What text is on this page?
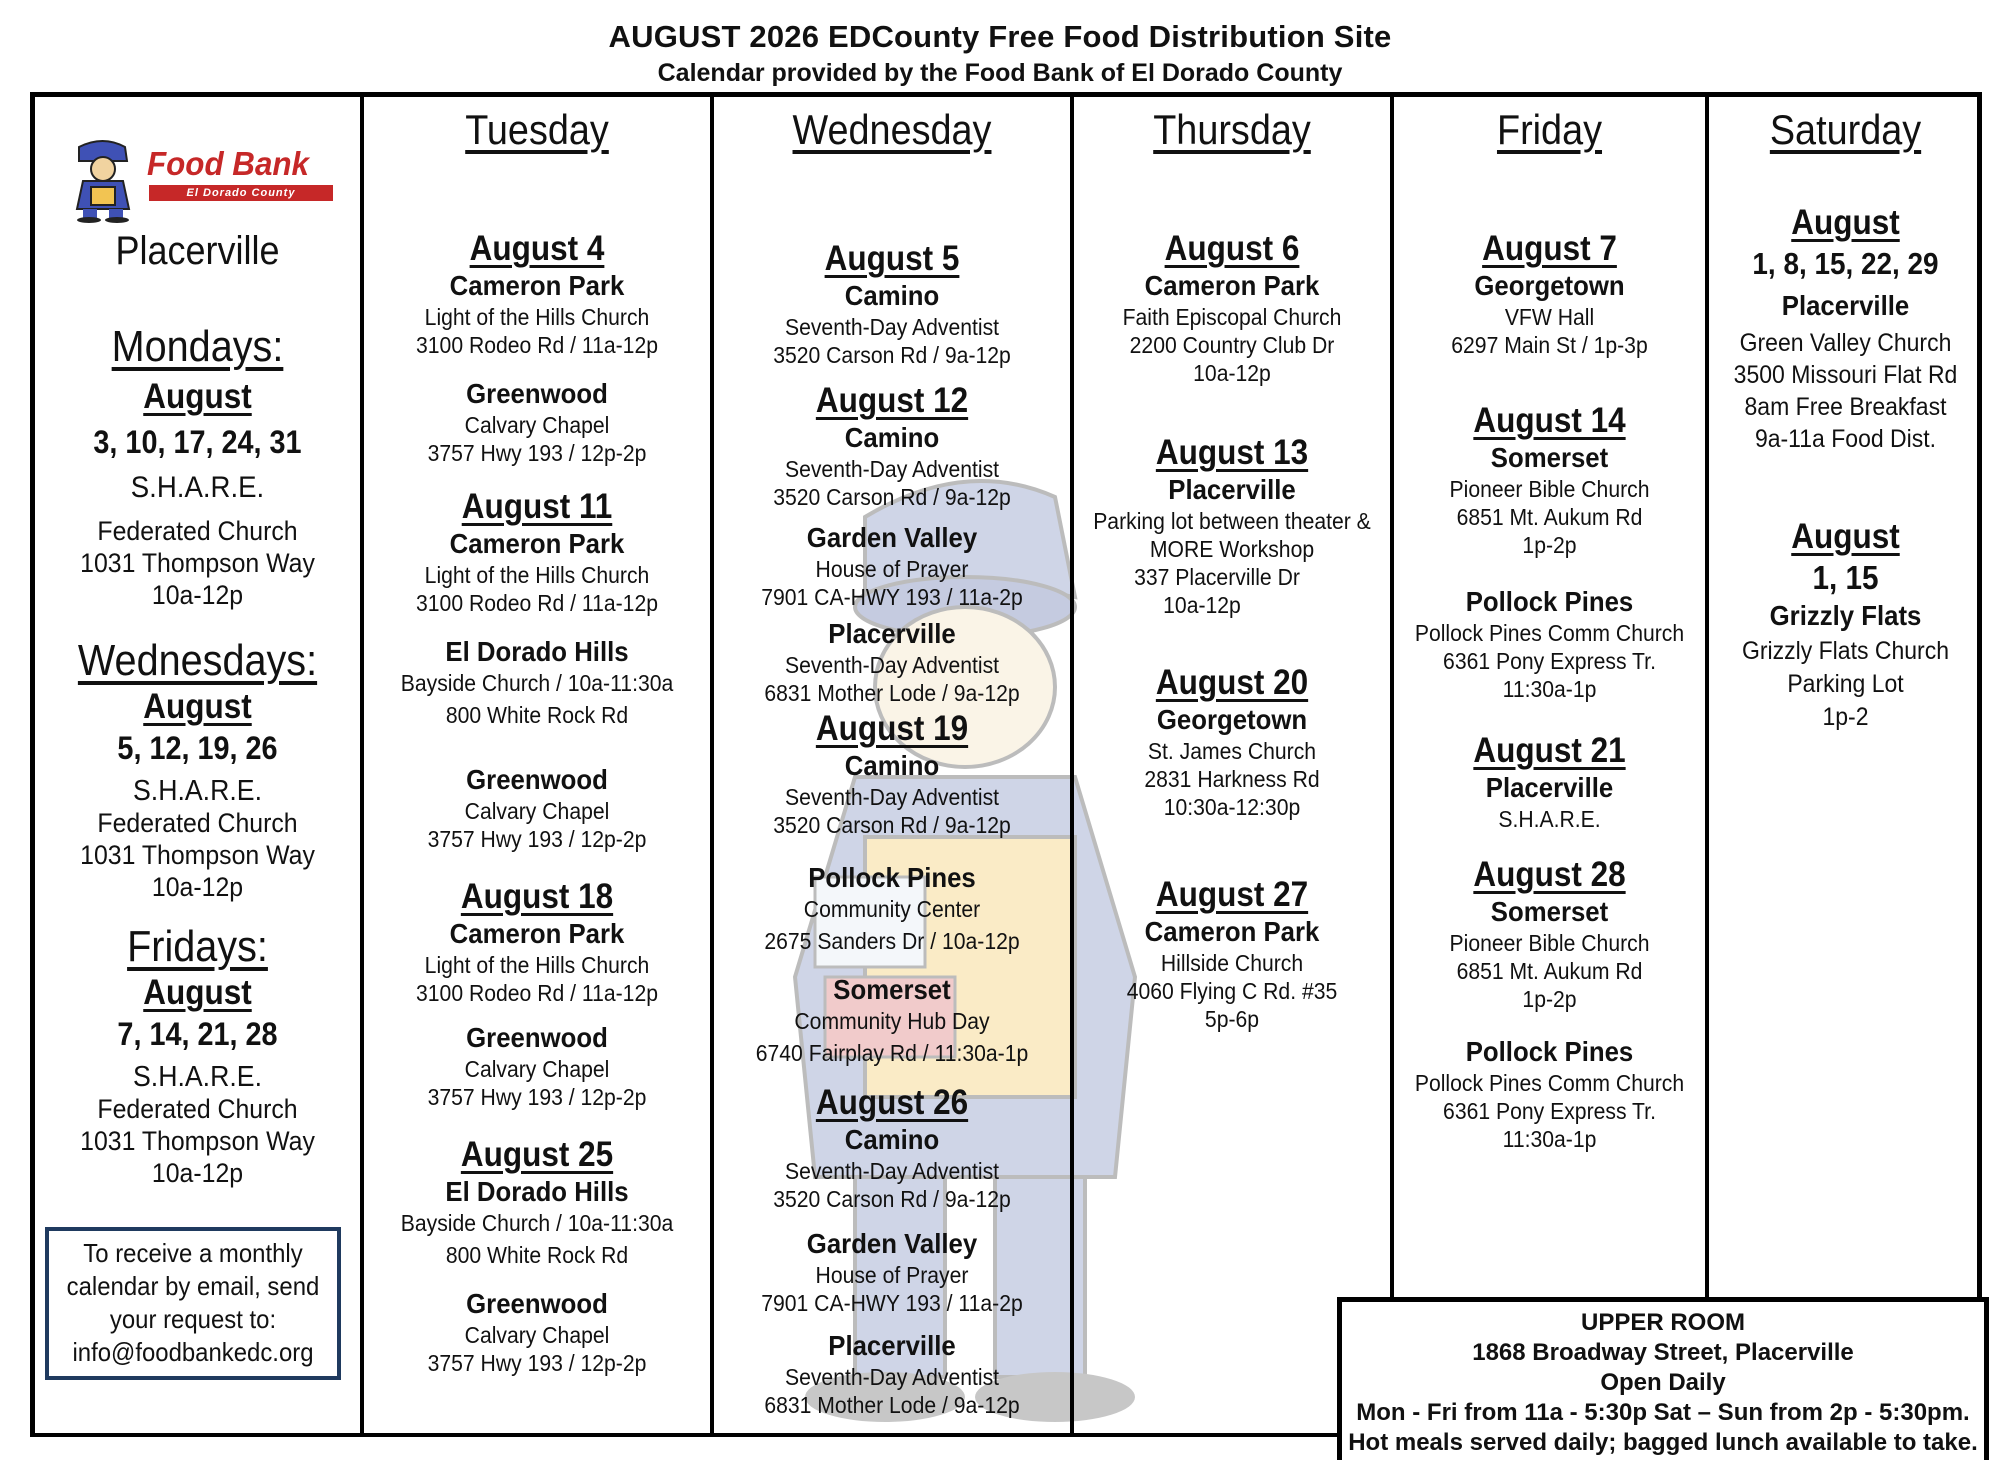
AUGUST 2026 EDCounty Free Food Distribution Site
Calendar provided by the Food Bank of El Dorado County
Food Bank
El Dorado County
Placerville
Mondays:
August
3, 10, 17, 24, 31
S.H.A.R.E.
Federated Church
1031 Thompson Way
10a-12p
Wednesdays:
August
5, 12, 19, 26
S.H.A.R.E.
Federated Church
1031 Thompson Way
10a-12p
Fridays:
August
7, 14, 21, 28
S.H.A.R.E.
Federated Church
1031 Thompson Way
10a-12p
To receive a monthly
calendar by email, send
your request to:
info@foodbankedc.org
Tuesday
August 4
Cameron Park
Light of the Hills Church
3100 Rodeo Rd / 11a-12p
Greenwood
Calvary Chapel
3757 Hwy 193 / 12p-2p
August 11
Cameron Park
Light of the Hills Church
3100 Rodeo Rd / 11a-12p
El Dorado Hills
Bayside Church / 10a-11:30a
800 White Rock Rd
Greenwood
Calvary Chapel
3757 Hwy 193 / 12p-2p
August 18
Cameron Park
Light of the Hills Church
3100 Rodeo Rd / 11a-12p
Greenwood
Calvary Chapel
3757 Hwy 193 / 12p-2p
August 25
El Dorado Hills
Bayside Church / 10a-11:30a
800 White Rock Rd
Greenwood
Calvary Chapel
3757 Hwy 193 / 12p-2p
Wednesday
August 5
Camino
Seventh-Day Adventist
3520 Carson Rd / 9a-12p
August 12
Camino
Seventh-Day Adventist
3520 Carson Rd / 9a-12p
Garden Valley
House of Prayer
7901 CA-HWY 193 / 11a-2p
Placerville
Seventh-Day Adventist
6831 Mother Lode / 9a-12p
August 19
Camino
Seventh-Day Adventist
3520 Carson Rd / 9a-12p
Pollock Pines
Community Center
2675 Sanders Dr / 10a-12p
Somerset
Community Hub Day
6740 Fairplay Rd / 11:30a-1p
August 26
Camino
Seventh-Day Adventist
3520 Carson Rd / 9a-12p
Garden Valley
House of Prayer
7901 CA-HWY 193 / 11a-2p
Placerville
Seventh-Day Adventist
6831 Mother Lode / 9a-12p
Thursday
August 6
Cameron Park
Faith Episcopal Church
2200 Country Club Dr
10a-12p
August 13
Placerville
Parking lot between theater &
MORE Workshop
337 Placerville Dr
10a-12p
August 20
Georgetown
St. James Church
2831 Harkness Rd
10:30a-12:30p
August 27
Cameron Park
Hillside Church
4060 Flying C Rd. #35
5p-6p
Friday
August 7
Georgetown
VFW Hall
6297 Main St / 1p-3p
August 14
Somerset
Pioneer Bible Church
6851 Mt. Aukum Rd
1p-2p
Pollock Pines
Pollock Pines Comm Church
6361 Pony Express Tr.
11:30a-1p
August 21
Placerville
S.H.A.R.E.
August 28
Somerset
Pioneer Bible Church
6851 Mt. Aukum Rd
1p-2p
Pollock Pines
Pollock Pines Comm Church
6361 Pony Express Tr.
11:30a-1p
Saturday
August
1, 8, 15, 22, 29
Placerville
Green Valley Church
3500 Missouri Flat Rd
8am Free Breakfast
9a-11a Food Dist.
August
1, 15
Grizzly Flats
Grizzly Flats Church
Parking Lot
1p-2
UPPER ROOM
1868 Broadway Street, Placerville
Open Daily
Mon - Fri from 11a - 5:30p Sat – Sun from 2p - 5:30pm.
Hot meals served daily; bagged lunch available to take.
